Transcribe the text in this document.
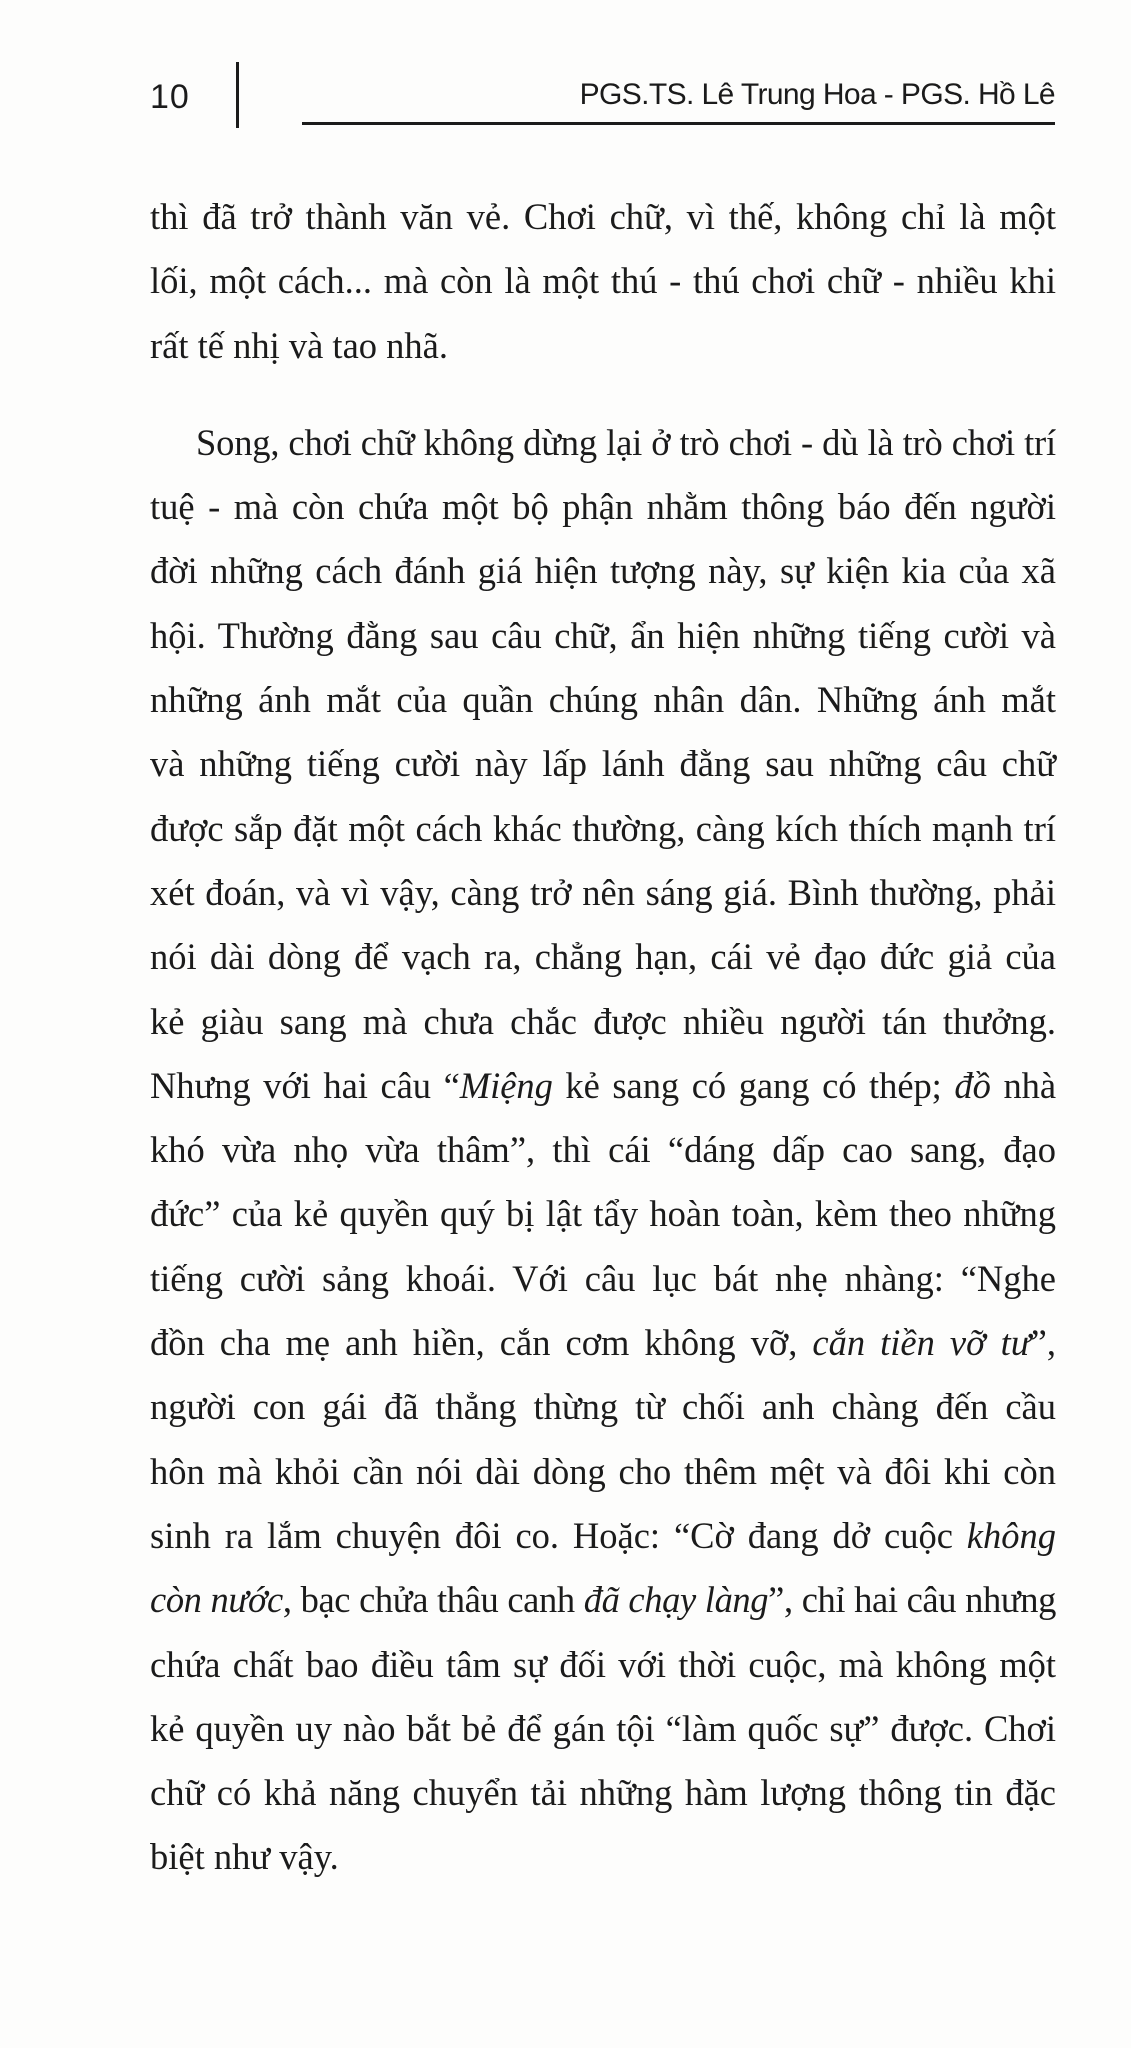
10	PGS.TS. Lê Trung Hoa - PGS. Hồ Lê
thì đã trở thành văn vẻ. Chơi chữ, vì thế, không chỉ là một
lối, một cách... mà còn là một thú - thú chơi chữ - nhiều khi
rất tế nhị và tao nhã.
Song, chơi chữ không dừng lại ở trò chơi - dù là trò chơi trí
tuệ - mà còn chứa một bộ phận nhằm thông báo đến người
đời những cách đánh giá hiện tượng này, sự kiện kia của xã
hội. Thường đằng sau câu chữ, ẩn hiện những tiếng cười và
những ánh mắt của quần chúng nhân dân. Những ánh mắt
và những tiếng cười này lấp lánh đằng sau những câu chữ
được sắp đặt một cách khác thường, càng kích thích mạnh trí
xét đoán, và vì vậy, càng trở nên sáng giá. Bình thường, phải
nói dài dòng để vạch ra, chẳng hạn, cái vẻ đạo đức giả của
kẻ giàu sang mà chưa chắc được nhiều người tán thưởng.
Nhưng với hai câu “Miệng kẻ sang có gang có thép; đồ nhà
khó vừa nhọ vừa thâm”, thì cái “dáng dấp cao sang, đạo
đức” của kẻ quyền quý bị lật tẩy hoàn toàn, kèm theo những
tiếng cười sảng khoái. Với câu lục bát nhẹ nhàng: “Nghe
đồn cha mẹ anh hiền, cắn cơm không vỡ, cắn tiền vỡ tư”,
người con gái đã thẳng thừng từ chối anh chàng đến cầu
hôn mà khỏi cần nói dài dòng cho thêm mệt và đôi khi còn
sinh ra lắm chuyện đôi co. Hoặc: “Cờ đang dở cuộc không
còn nước, bạc chửa thâu canh đã chạy làng”, chỉ hai câu nhưng
chứa chất bao điều tâm sự đối với thời cuộc, mà không một
kẻ quyền uy nào bắt bẻ để gán tội “làm quốc sự” được. Chơi
chữ có khả năng chuyển tải những hàm lượng thông tin đặc
biệt như vậy.
